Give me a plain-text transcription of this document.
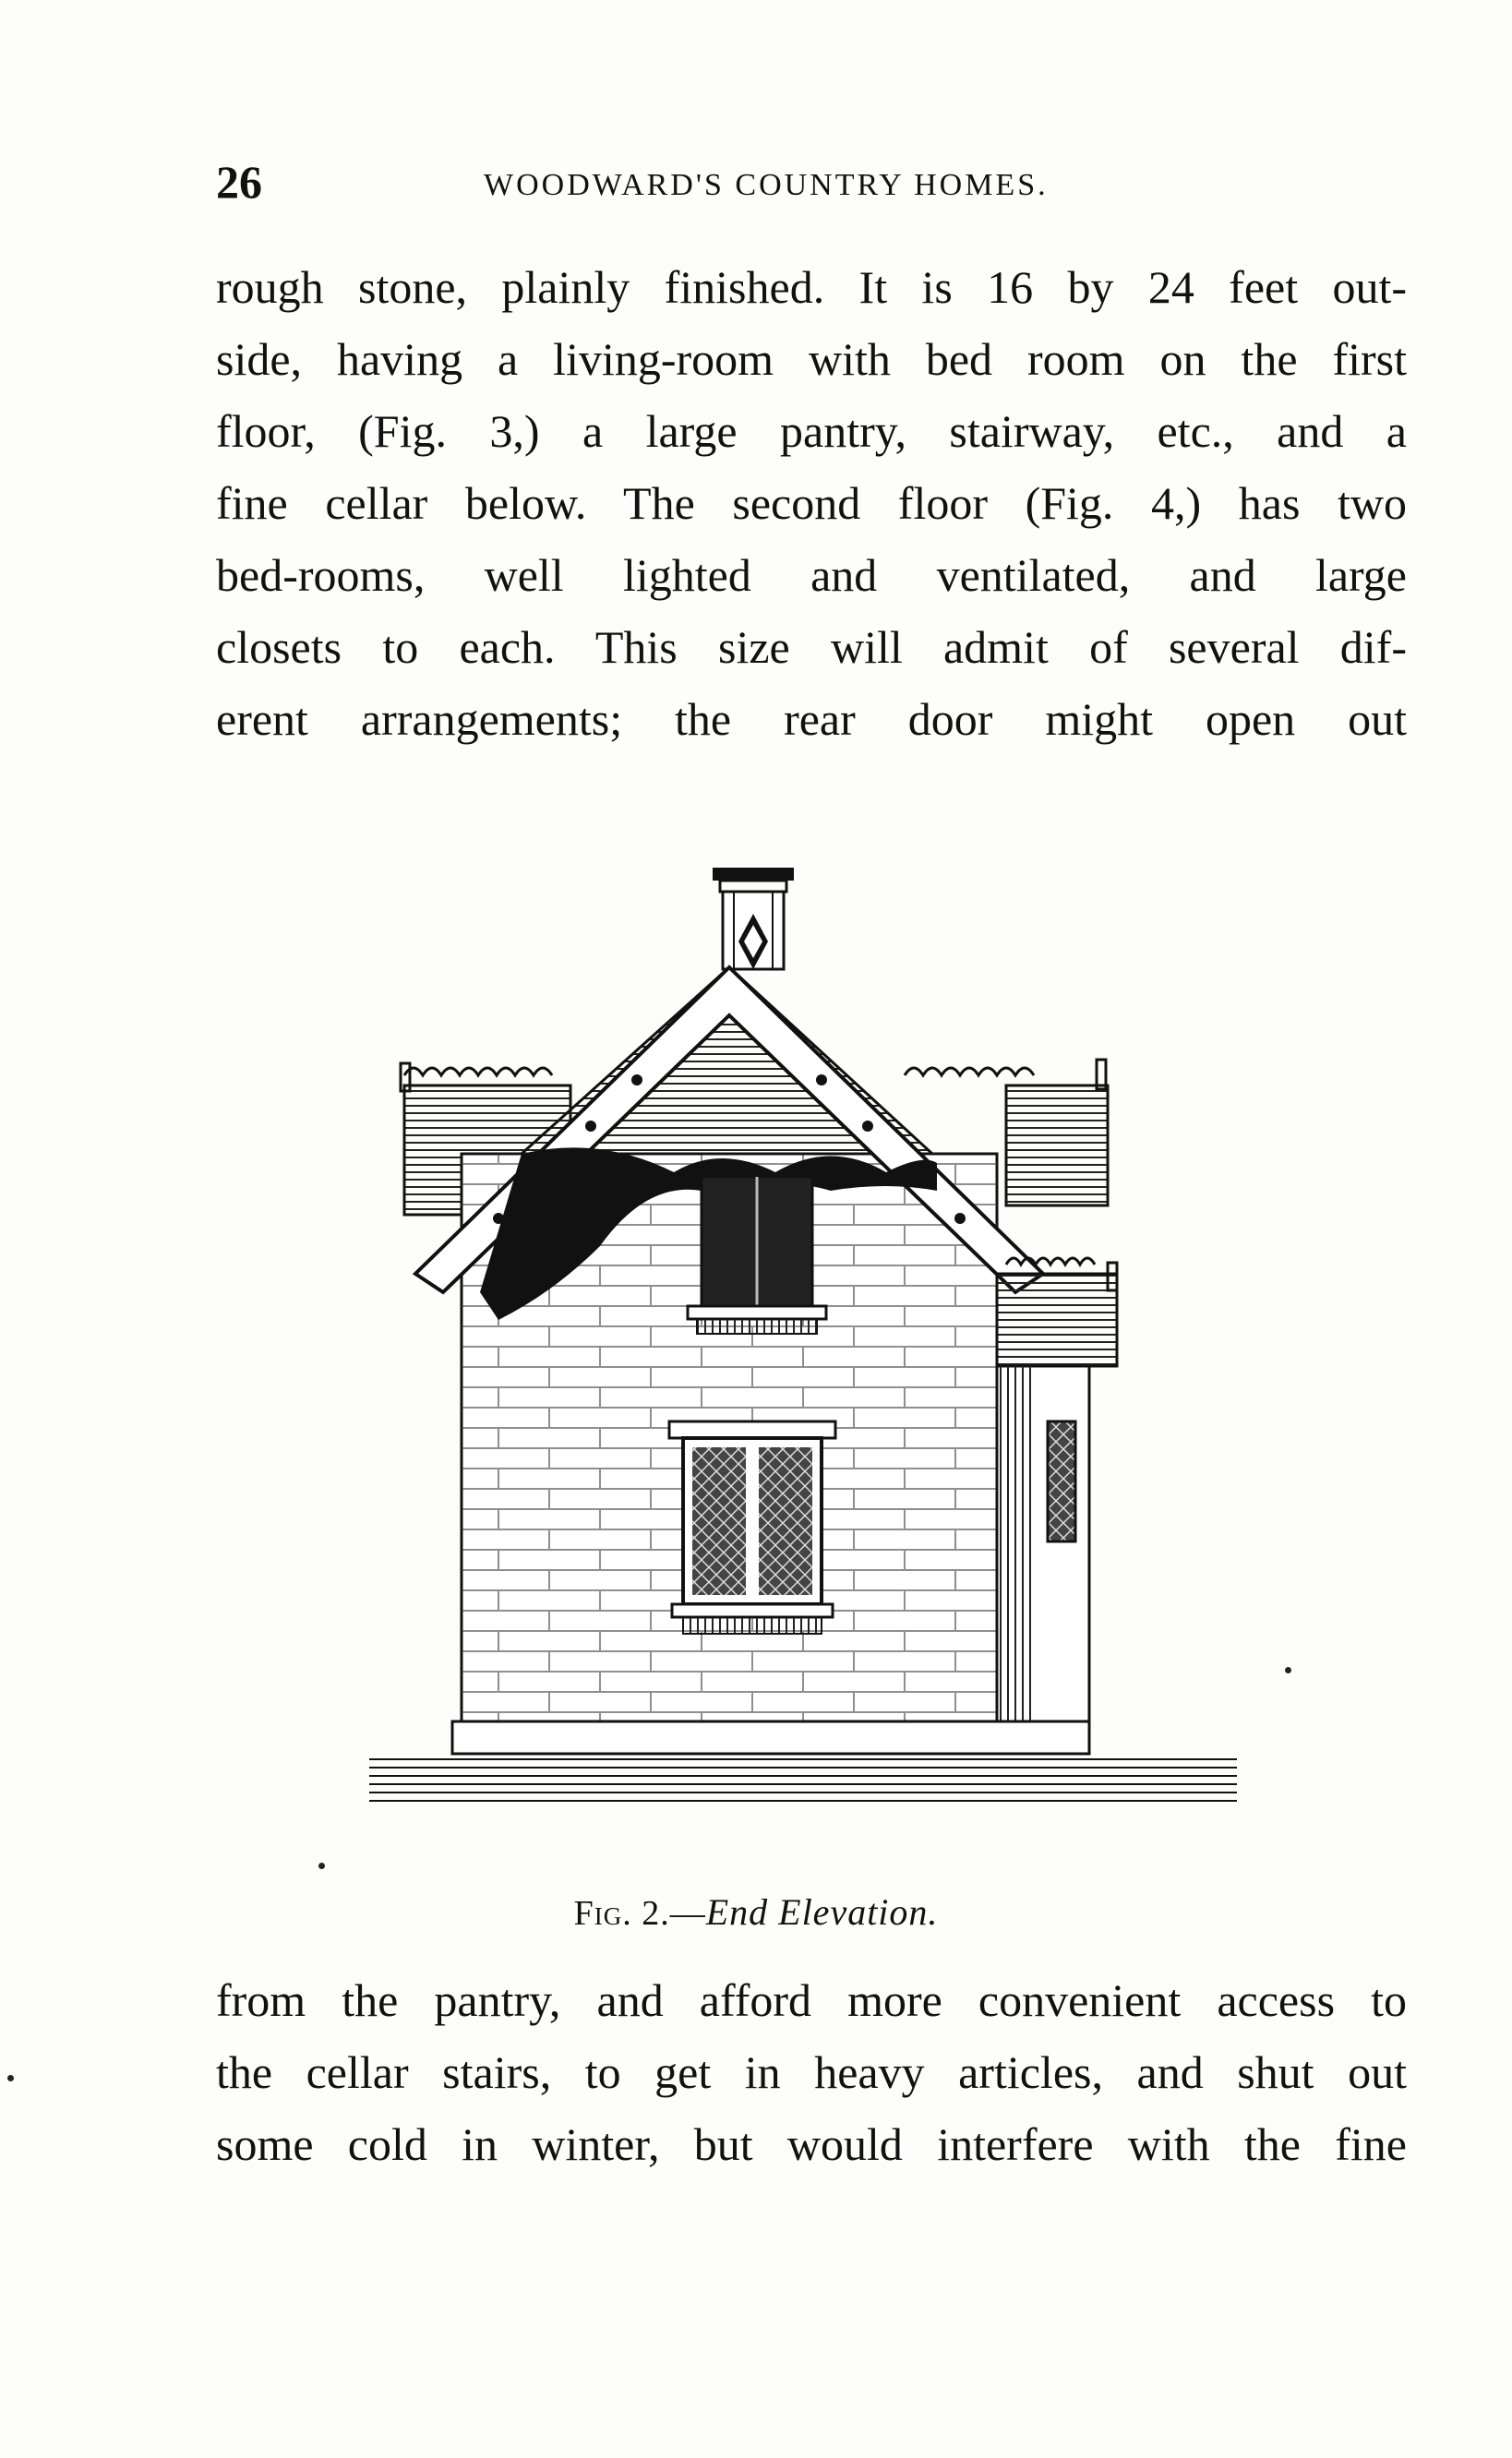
26	WOODWARD'S COUNTRY HOMES.
rough stone, plainly finished. It is 16 by 24 feet out-
side, having a living-room with bed room on the first
floor, (Fig. 3,) a large pantry, stairway, etc., and a
fine cellar below. The second floor (Fig. 4,) has two
bed-rooms, well lighted and ventilated, and large
closets to each. This size will admit of several dif-
erent arrangements; the rear door might open out
Fig. 2.—End Elevation.
from the pantry, and afford more convenient access to
the cellar stairs, to get in heavy articles, and shut out
some cold in winter, but would interfere with the fine
